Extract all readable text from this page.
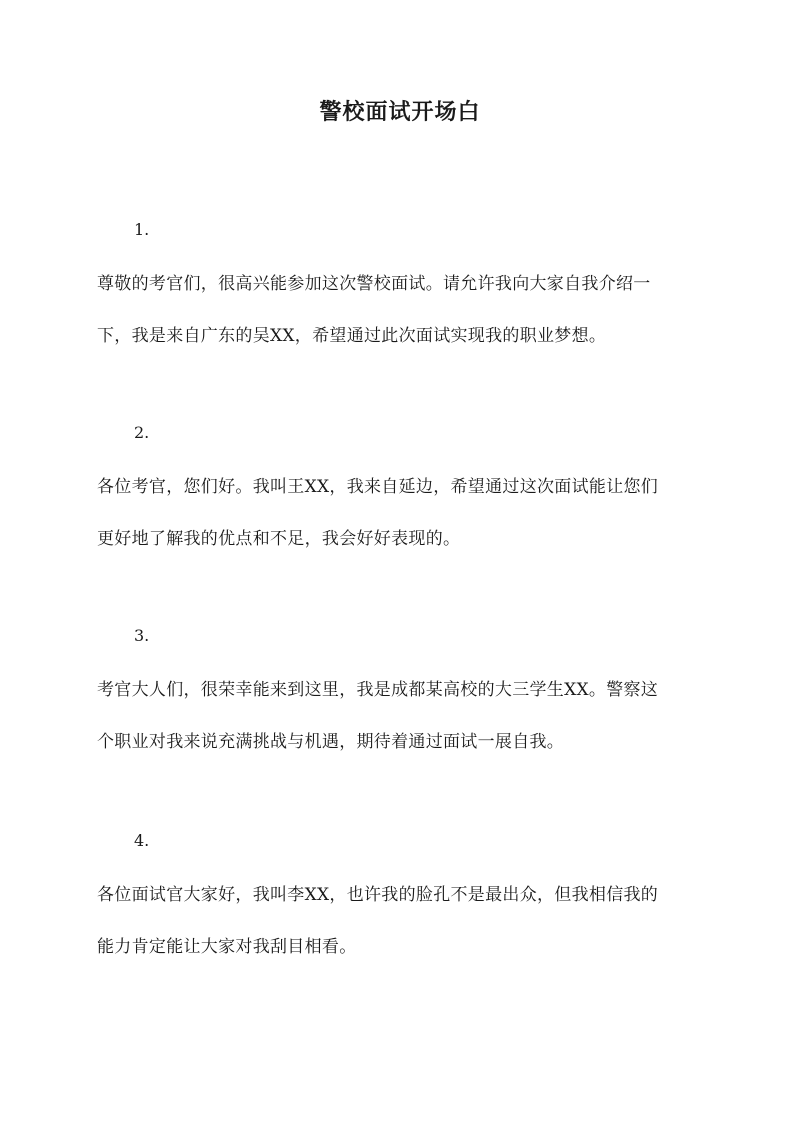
警校面试开场白
1.
尊敬的考官们，很高兴能参加这次警校面试。请允许我向大家自我介绍一
下，我是来自广东的吴XX，希望通过此次面试实现我的职业梦想。
2.
各位考官，您们好。我叫王XX，我来自延边，希望通过这次面试能让您们
更好地了解我的优点和不足，我会好好表现的。
3.
考官大人们，很荣幸能来到这里，我是成都某高校的大三学生XX。警察这
个职业对我来说充满挑战与机遇，期待着通过面试一展自我。
4.
各位面试官大家好，我叫李XX，也许我的脸孔不是最出众，但我相信我的
能力肯定能让大家对我刮目相看。
